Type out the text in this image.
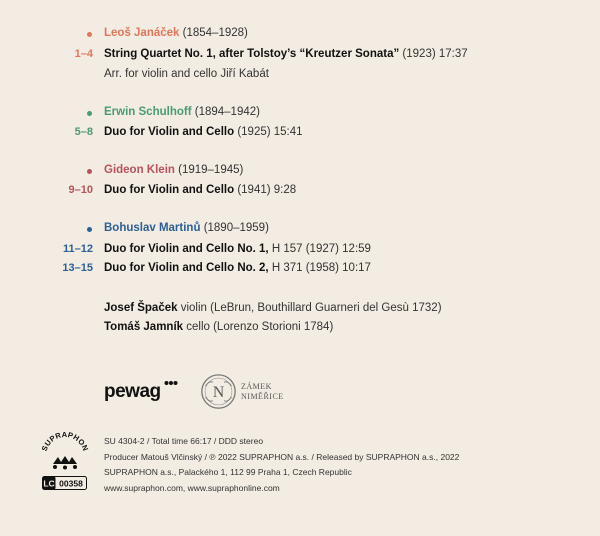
Leoš Janáček (1854–1928)
1–4 String Quartet No. 1, after Tolstoy’s “Kreutzer Sonata” (1923) 17:37
Arr. for violin and cello Jiří Kabát
Erwin Schulhoff (1894–1942)
5–8 Duo for Violin and Cello (1925) 15:41
Gideon Klein (1919–1945)
9–10 Duo for Violin and Cello (1941) 9:28
Bohuslav Martinů (1890–1959)
11–12 Duo for Violin and Cello No. 1, H 157 (1927) 12:59
13–15 Duo for Violin and Cello No. 2, H 371 (1958) 10:17
Josef Špaček violin (LeBrun, Bouthillard Guarneri del Gesù 1732)
Tomáš Jamník cello (Lorenzo Storioni 1784)
pewag	N ZÁMEK
NIMĚŘICE
SUPRAPHON
LC 00358
SU 4304-2 / Total time 66:17 / DDD stereo
Producer Matouš Vlčinský / ℗ 2022 SUPRAPHON a.s. / Released by SUPRAPHON a.s., 2022
SUPRAPHON a.s., Palackého 1, 112 99 Praha 1, Czech Republic
www.supraphon.com, www.supraphonline.com
